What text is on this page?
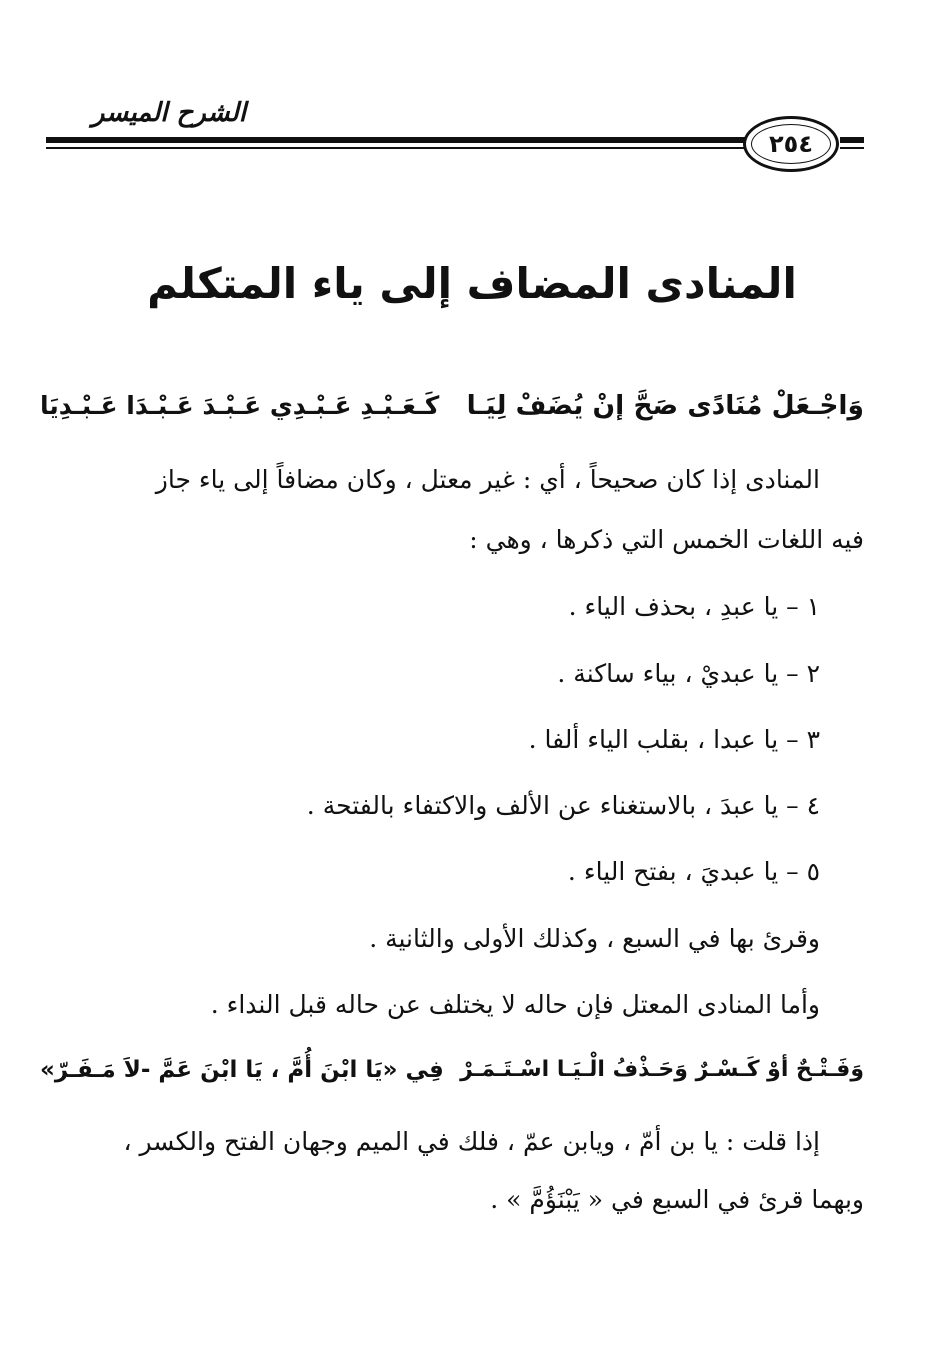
الشرح الميسر
٢٥٤
المنادى المضاف إلى ياء المتكلم
وَاجْـعَلْ مُنَادًى صَحَّ إنْ يُضَفْ لِيَـا
كَـعَـبْـدِ عَـبْـدِي عَـبْـدَ عَـبْـدَا عَـبْـدِيَا
المنادى إذا كان صحيحاً ، أي : غير معتل ، وكان مضافاً إلى ياء جاز
فيه اللغات الخمس التي ذكرها ، وهي :
١ – يا عبدِ ، بحذف الياء .
٢ – يا عبديْ ، بياء ساكنة .
٣ – يا عبدا ، بقلب الياء ألفا .
٤ – يا عبدَ ، بالاستغناء عن الألف والاكتفاء بالفتحة .
٥ – يا عبديَ ، بفتح الياء .
وقرئ بها في السبع ، وكذلك الأولى والثانية .
وأما المنادى المعتل فإن حاله لا يختلف عن حاله قبل النداء .
وَفَـتْـحٌ أوْ كَـسْـرٌ وَحَـذْفُ الْـيَـا اسْـتَـمَـرْ
فِي «يَا ابْنَ أُمَّ ، يَا ابْنَ عَمَّ -لاَ مَـفَـرّ»
إذا قلت : يا بن أمّ ، ويابن عمّ ، فلك في الميم وجهان الفتح والكسر ،
وبهما قرئ في السبع في « يَبْنَؤُمَّ » .
